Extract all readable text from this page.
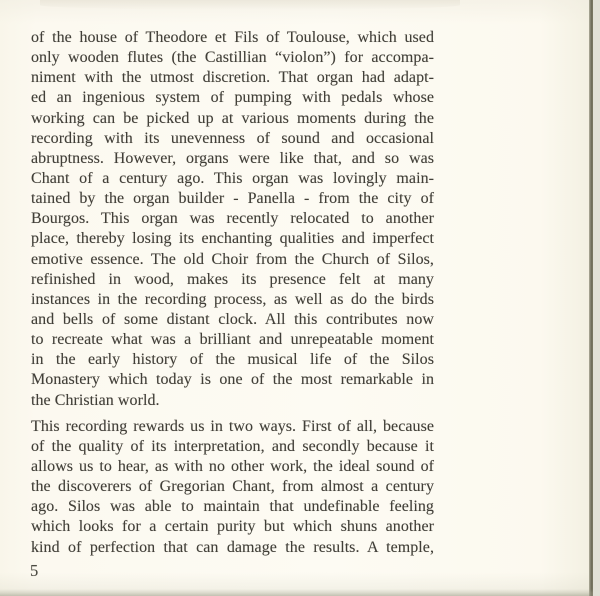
of the house of Theodore et Fils of Toulouse, which used
only wooden flutes (the Castillian “violon”) for accompa-
niment with the utmost discretion. That organ had adapt-
ed an ingenious system of pumping with pedals whose
working can be picked up at various moments during the
recording with its unevenness of sound and occasional
abruptness. However, organs were like that, and so was
Chant of a century ago. This organ was lovingly main-
tained by the organ builder - Panella - from the city of
Bourgos. This organ was recently relocated to another
place, thereby losing its enchanting qualities and imperfect
emotive essence. The old Choir from the Church of Silos,
refinished in wood, makes its presence felt at many
instances in the recording process, as well as do the birds
and bells of some distant clock. All this contributes now
to recreate what was a brilliant and unrepeatable moment
in the early history of the musical life of the Silos
Monastery which today is one of the most remarkable in
the Christian world.
This recording rewards us in two ways. First of all, because
of the quality of its interpretation, and secondly because it
allows us to hear, as with no other work, the ideal sound of
the discoverers of Gregorian Chant, from almost a century
ago. Silos was able to maintain that undefinable feeling
which looks for a certain purity but which shuns another
kind of perfection that can damage the results. A temple,
5
